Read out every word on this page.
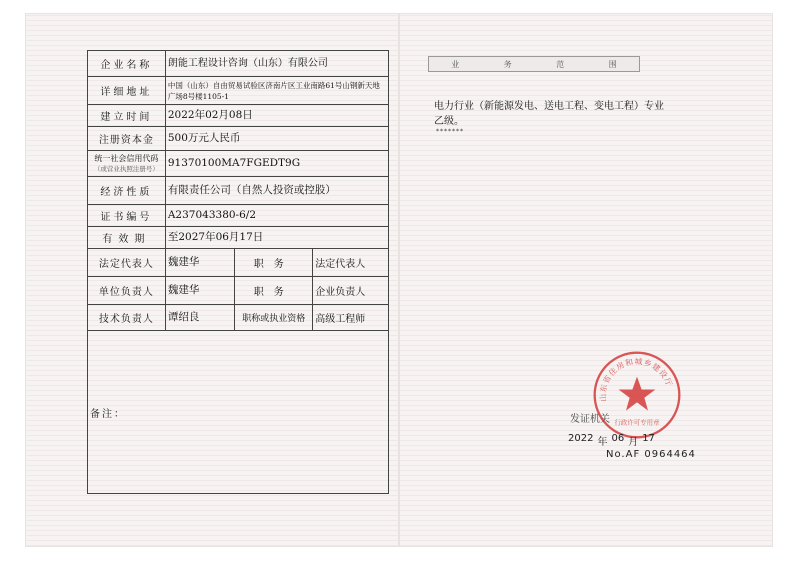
企业名称	朗能工程设计咨询（山东）有限公司		
详细地址	中国（山东）自由贸易试验区济南片区工业南路61号山钢新天地广场8号楼1105-1		
建立时间	2022年02月08日		
注册资本金	500万元人民币		

统一社会信用代码
（或营业执照注册号）	91370100MA7FGEDT9G		
经济性质	有限责任公司（自然人投资或控股）		
证书编号	A237043380-6/2		
有效期	至2027年06月17日		
法定代表人	魏建华	职务	法定代表人
单位负责人	魏建华	职务	企业负责人
技术负责人	谭绍良	职称或执业资格	高级工程师
备注：			
业	务	范	围
电力行业（新能源发电、送电工程、变电工程）专业乙级。
*******
山东省住房和城乡建设厅
行政许可专用章
发证机关
2022 年 06 月 17
No.AF 0964464
